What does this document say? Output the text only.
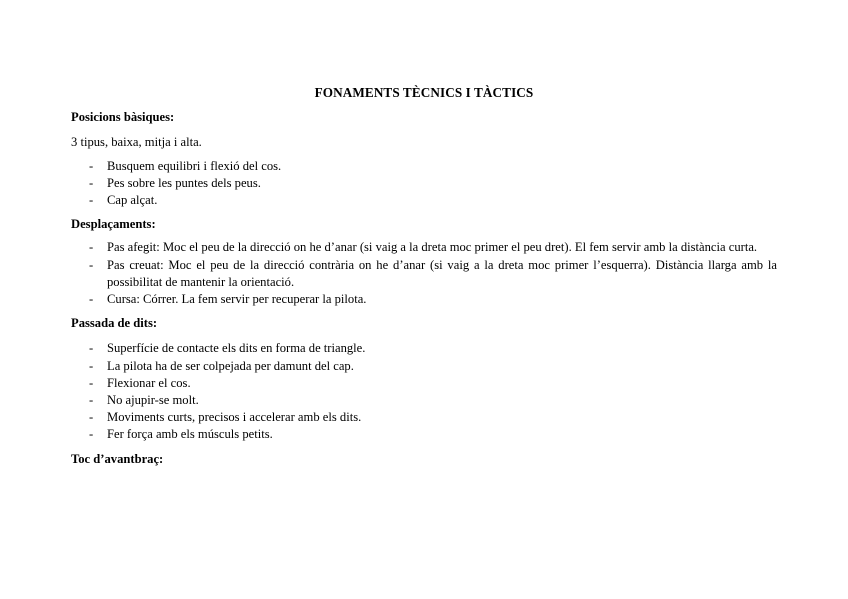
FONAMENTS TÈCNICS I TÀCTICS

Posicions bàsiques:

3 tipus, baixa, mitja i alta.

- Busquem equilibri i flexió del cos.
- Pes sobre les puntes dels peus.
- Cap alçat.

Desplaçaments:

- Pas afegit: Moc el peu de la direcció on he d’anar (si vaig a la dreta moc primer el peu dret). El fem servir amb la distància curta.
- Pas creuat: Moc el peu de la direcció contrària on he d’anar (si vaig a la dreta moc primer l’esquerra). Distància llarga amb la possibilitat de mantenir la orientació.
- Cursa: Córrer. La fem servir per recuperar la pilota.

Passada de dits:

- Superfície de contacte els dits en forma de triangle.
- La pilota ha de ser colpejada per damunt del cap.
- Flexionar el cos.
- No ajupir-se molt.
- Moviments curts, precisos i accelerar amb els dits.
- Fer força amb els músculs petits.

Toc d’avantbraç:
